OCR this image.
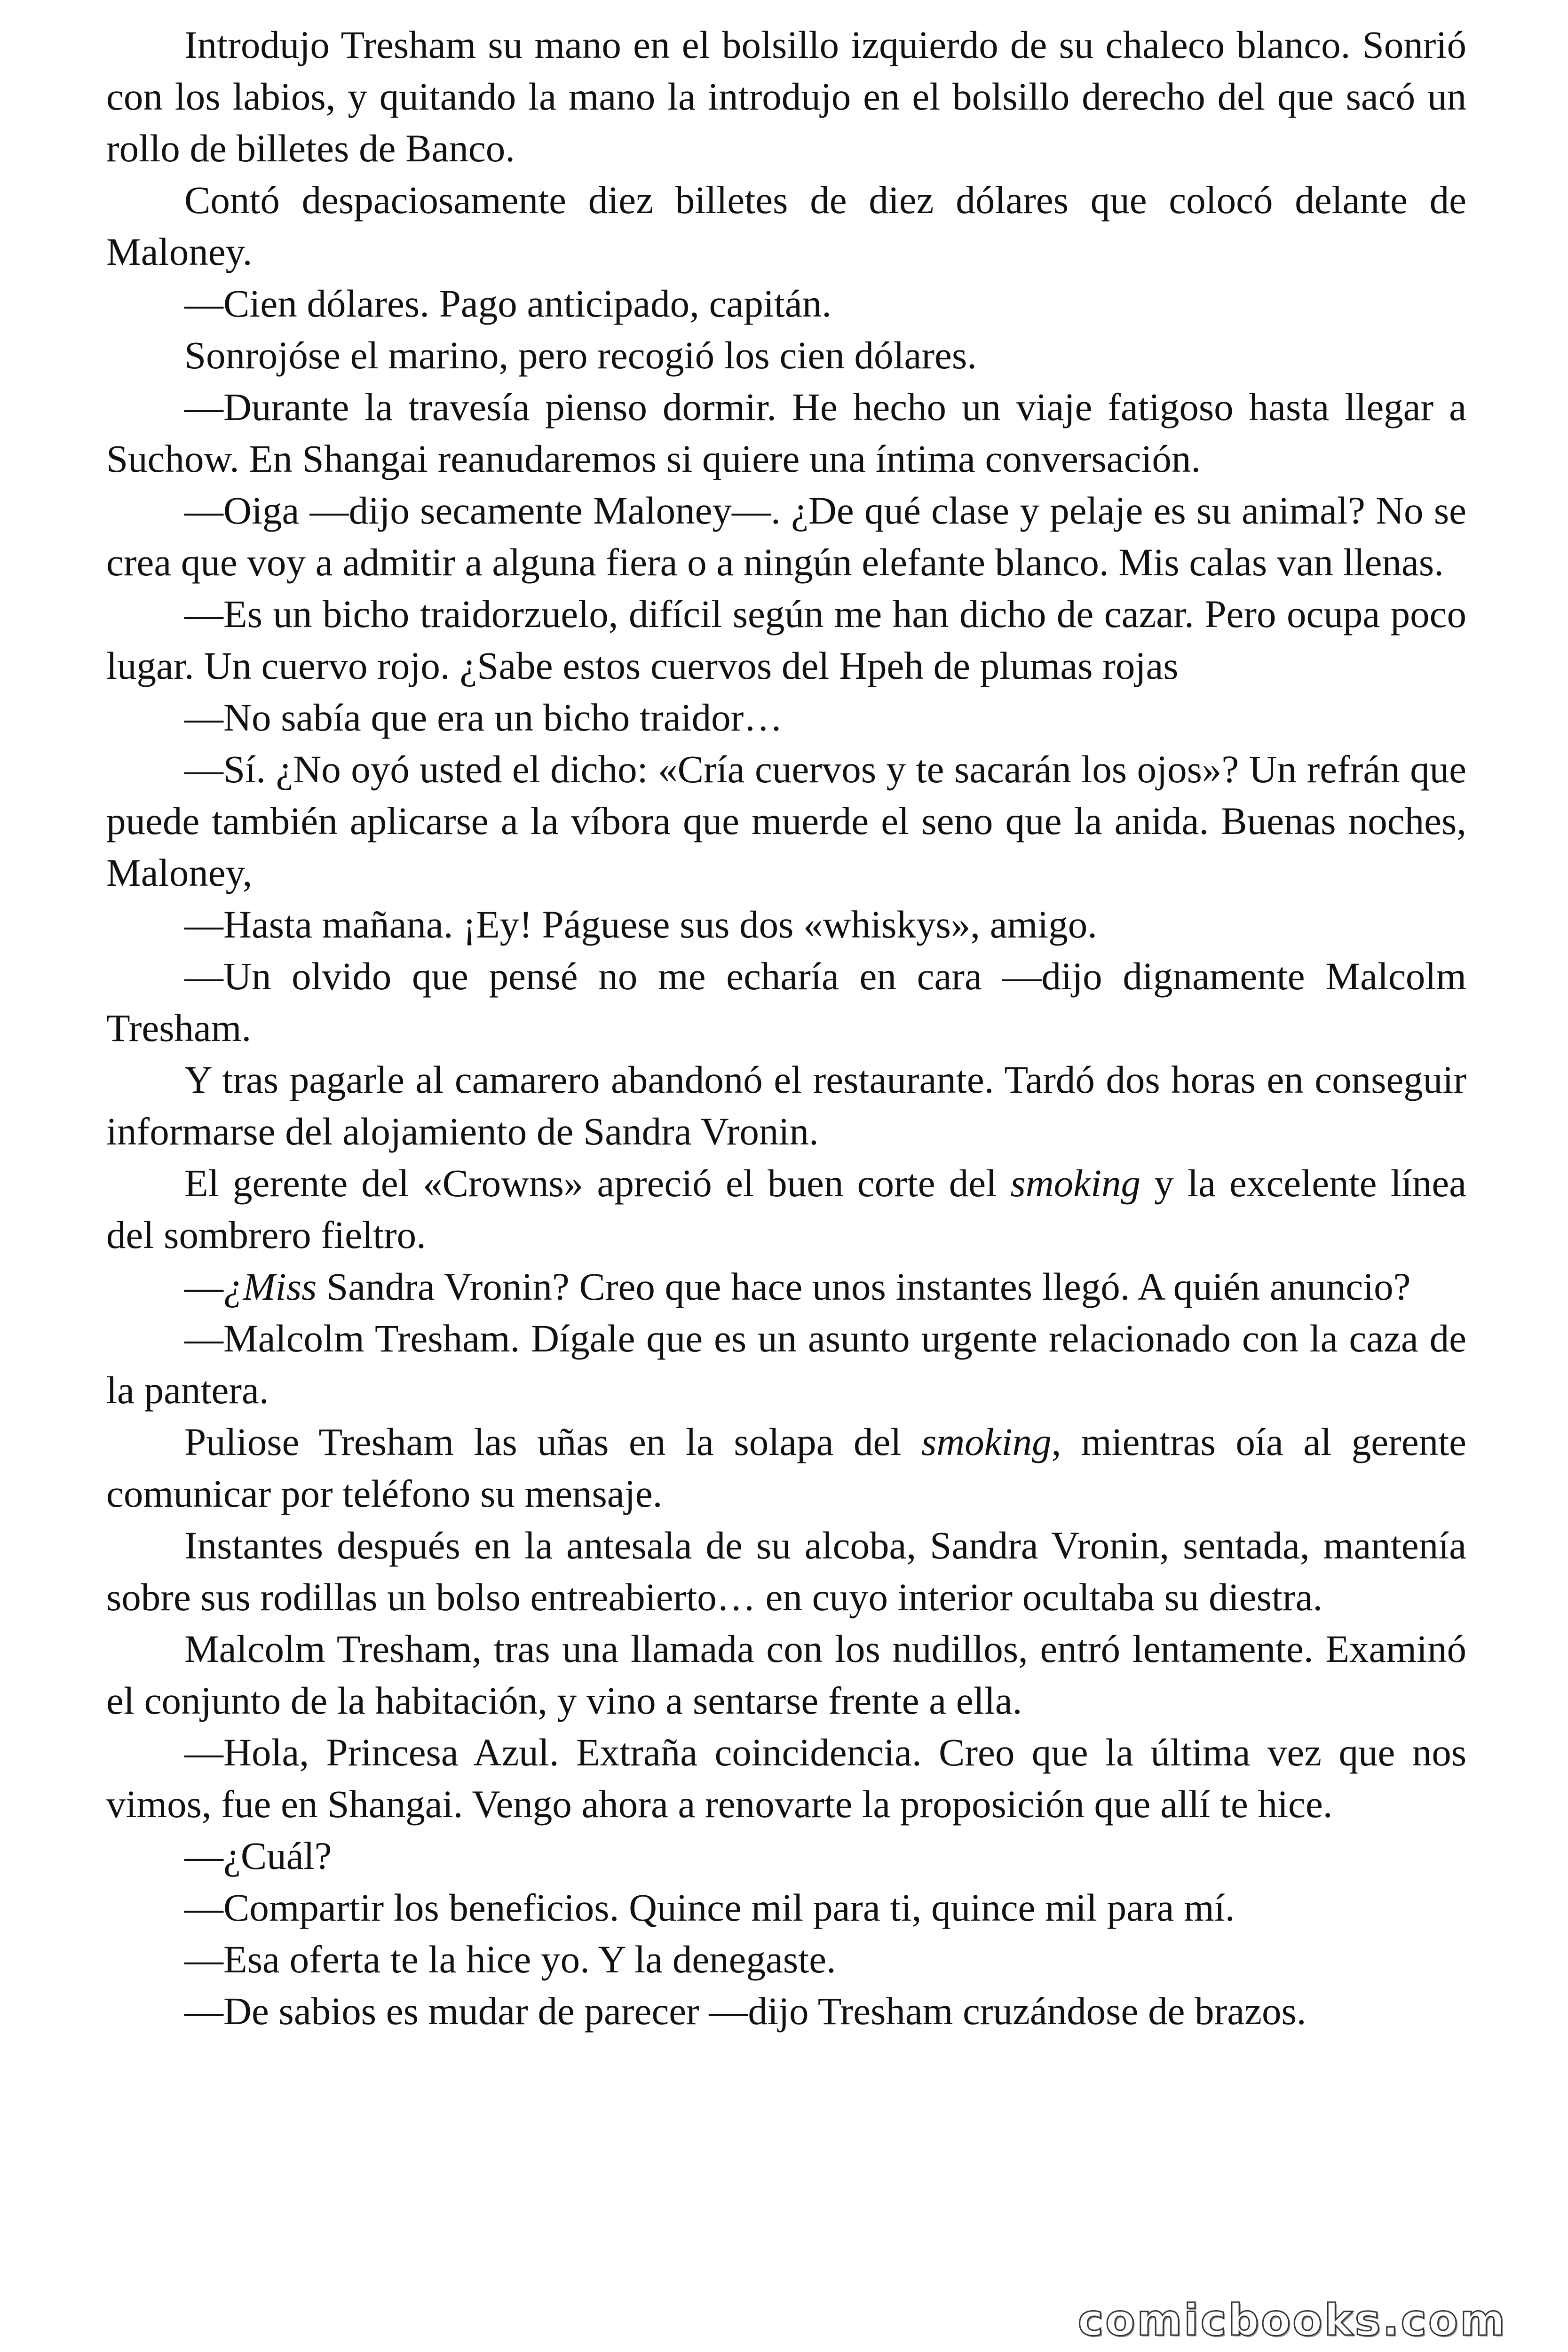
Introdujo Tresham su mano en el bolsillo izquierdo de su chaleco blanco. Sonrió con los labios, y quitando la mano la introdujo en el bolsillo derecho del que sacó un rollo de billetes de Banco.

Contó despaciosamente diez billetes de diez dólares que colocó delante de Maloney.

—Cien dólares. Pago anticipado, capitán.

Sonrojóse el marino, pero recogió los cien dólares.

—Durante la travesía pienso dormir. He hecho un viaje fatigoso hasta llegar a Suchow. En Shangai reanudaremos si quiere una íntima conversación.

—Oiga —dijo secamente Maloney—. ¿De qué clase y pelaje es su animal? No se crea que voy a admitir a alguna fiera o a ningún elefante blanco. Mis calas van llenas.

—Es un bicho traidorzuelo, difícil según me han dicho de cazar. Pero ocupa poco lugar. Un cuervo rojo. ¿Sabe estos cuervos del Hpeh de plumas rojas

—No sabía que era un bicho traidor…

—Sí. ¿No oyó usted el dicho: «Cría cuervos y te sacarán los ojos»? Un refrán que puede también aplicarse a la víbora que muerde el seno que la anida. Buenas noches, Maloney,

—Hasta mañana. ¡Ey! Páguese sus dos «whiskys», amigo.

—Un olvido que pensé no me echaría en cara —dijo dignamente Malcolm Tresham.

Y tras pagarle al camarero abandonó el restaurante. Tardó dos horas en conseguir informarse del alojamiento de Sandra Vronin.

El gerente del «Crowns» apreció el buen corte del smoking y la excelente línea del sombrero fieltro.

—¿Miss Sandra Vronin? Creo que hace unos instantes llegó. A quién anuncio?

—Malcolm Tresham. Dígale que es un asunto urgente relacionado con la caza de la pantera.

Puliose Tresham las uñas en la solapa del smoking, mientras oía al gerente comunicar por teléfono su mensaje.

Instantes después en la antesala de su alcoba, Sandra Vronin, sentada, mantenía sobre sus rodillas un bolso entreabierto… en cuyo interior ocultaba su diestra.

Malcolm Tresham, tras una llamada con los nudillos, entró lentamente. Examinó el conjunto de la habitación, y vino a sentarse frente a ella.

—Hola, Princesa Azul. Extraña coincidencia. Creo que la última vez que nos vimos, fue en Shangai. Vengo ahora a renovarte la proposición que allí te hice.

—¿Cuál?

—Compartir los beneficios. Quince mil para ti, quince mil para mí.

—Esa oferta te la hice yo. Y la denegaste.

—De sabios es mudar de parecer —dijo Tresham cruzándose de brazos.

comicbooks.com
